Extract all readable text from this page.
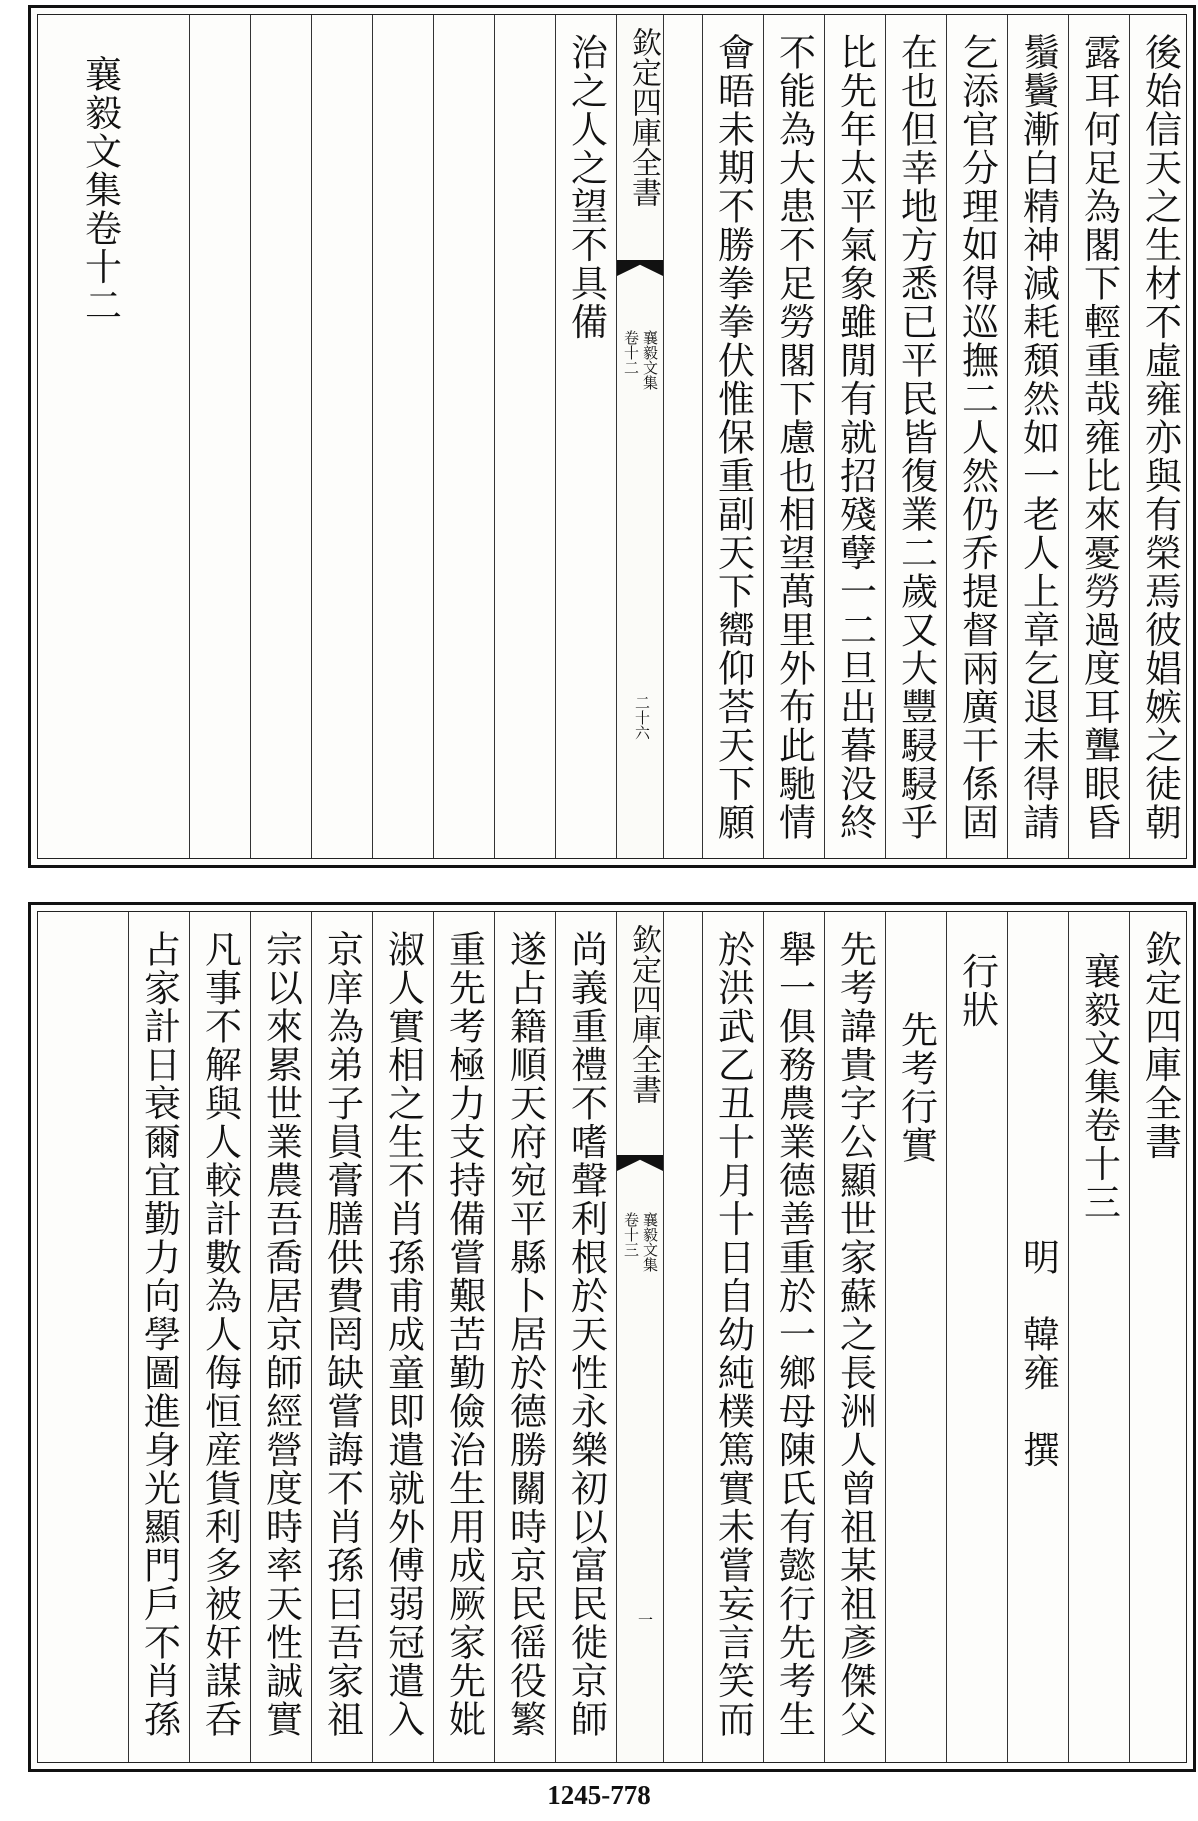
後始信天之生材不虛雍亦與有榮焉彼娼嫉之徒朝
露耳何足為閣下輕重哉雍比來憂勞過度耳聾眼昏
鬚鬢漸白精神減耗頹然如一老人上章乞退未得請
乞添官分理如得巡撫二人然仍乔提督兩廣干係固
在也但幸地方悉已平民皆復業二歲又大豐駸駸乎
比先年太平氣象雖閒有就招殘孽一二旦出暮没終
不能為大患不足勞閣下慮也相望萬里外布此馳情
會晤未期不勝拳拳伏惟保重副天下嚮仰荅天下願
欽定四庫全書
襄毅文集
卷十二
二十六
治之人之望不具備
襄毅文集卷十二
欽定四庫全書
襄毅文集卷十三
　　　　　　　　明　韓雍　撰
行狀
　先考行實
先考諱貴字公顯世家蘇之長洲人曾祖某祖彥傑父
舉一俱務農業德善重於一鄉母陳氏有懿行先考生
於洪武乙丑十月十日自幼純樸篤實未嘗妄言笑而
欽定四庫全書
襄毅文集
卷十三
一
尚義重禮不嗜聲利根於天性永樂初以富民徙京師
遂占籍順天府宛平縣卜居於德勝關時京民徭役繁
重先考極力支持備嘗艱苦勤儉治生用成厥家先妣
淑人實相之生不肖孫甫成童即遣就外傅弱冠遣入
京庠為弟子員膏膳供費罔缺嘗誨不肖孫曰吾家祖
宗以來累世業農吾喬居京師經營度時率天性誠實
凡事不解與人較計數為人侮恒産貨利多被奸謀呑
占家計日衰爾宜勤力向學圖進身光顯門戶不肖孫
1245-778
